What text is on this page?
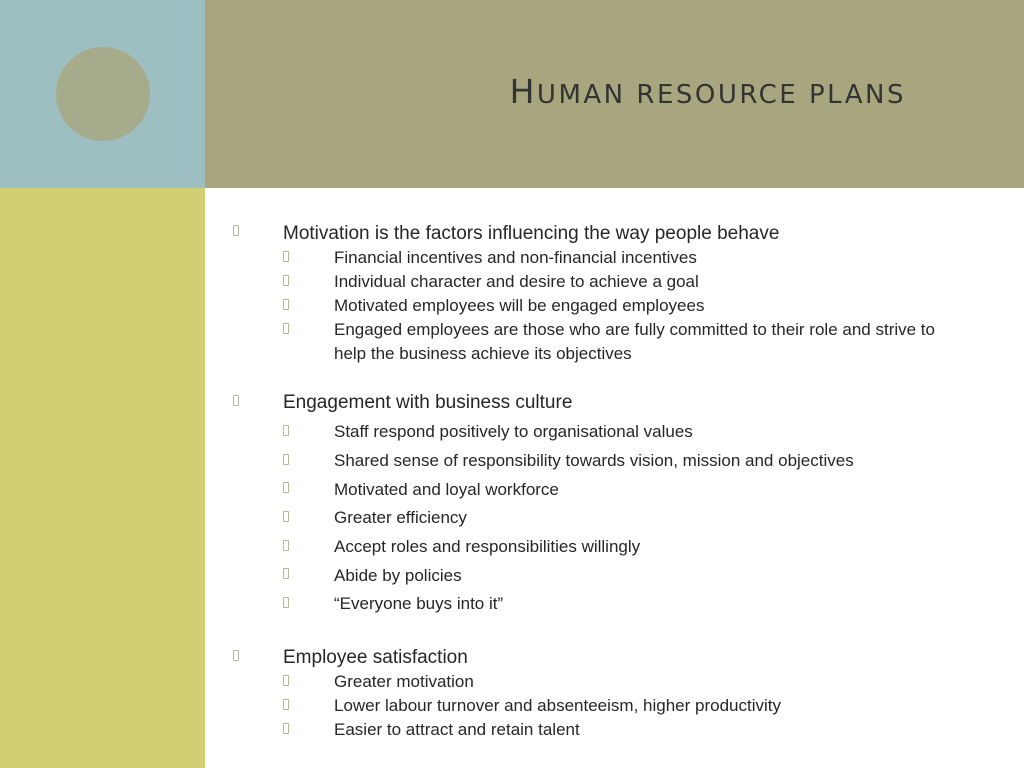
HUMAN RESOURCE PLANS
Motivation is the factors influencing the way people behave
Financial incentives and non-financial incentives
Individual character and desire to achieve a goal
Motivated employees will be engaged employees
Engaged employees are those who are fully committed to their role and strive to
help the business achieve its objectives
Engagement with business culture
Staff respond positively to organisational values
Shared sense of responsibility towards vision, mission and objectives
Motivated and loyal workforce
Greater efficiency
Accept roles and responsibilities willingly
Abide by policies
“Everyone buys into it”
Employee satisfaction
Greater motivation
Lower labour turnover and absenteeism, higher productivity
Easier to attract and retain talent
